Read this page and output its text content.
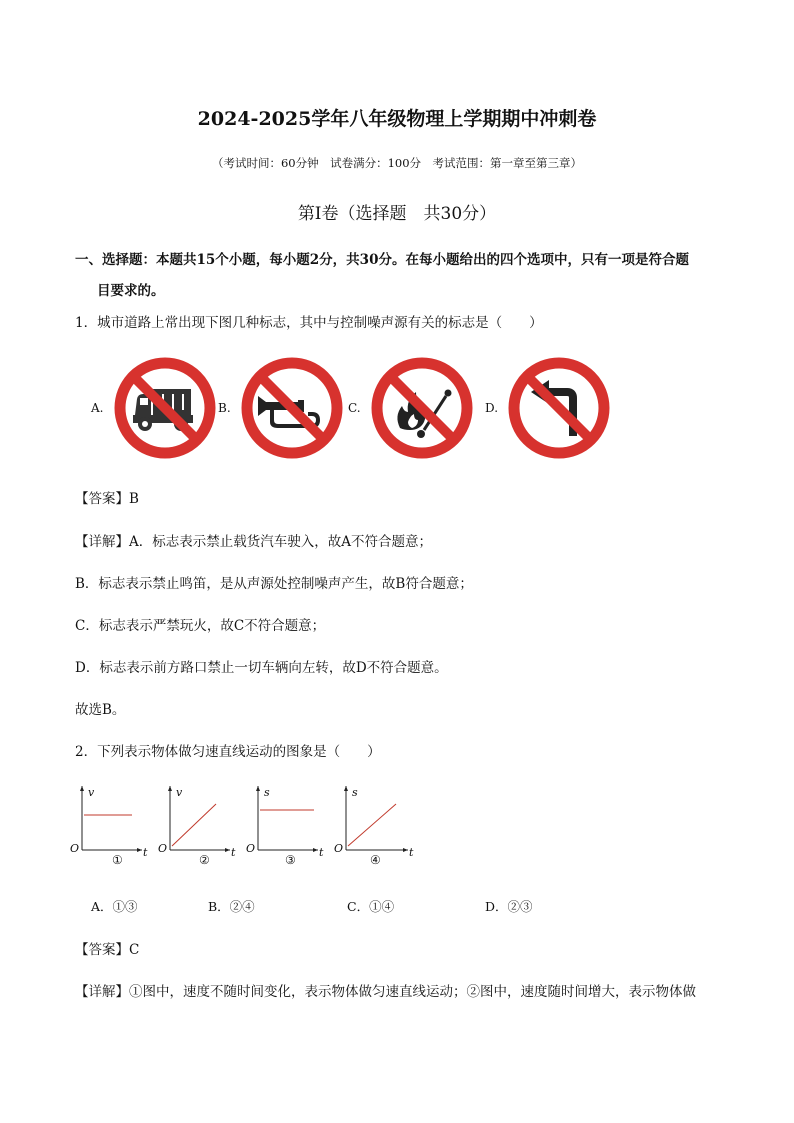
2024-2025学年八年级物理上学期期中冲刺卷
（考试时间：60分钟　试卷满分：100分　考试范围：第一章至第三章）
第Ⅰ卷（选择题　共30分）
一、选择题：本题共15个小题，每小题2分，共30分。在每小题给出的四个选项中，只有一项是符合题
目要求的。
1．城市道路上常出现下图几种标志，其中与控制噪声源有关的标志是（　　）
A.	B.	C.	D.
【答案】B
【详解】A．标志表示禁止载货汽车驶入，故A不符合题意；
B．标志表示禁止鸣笛，是从声源处控制噪声产生，故B符合题意；
C．标志表示严禁玩火，故C不符合题意；
D．标志表示前方路口禁止一切车辆向左转，故D不符合题意。
故选B。
2．下列表示物体做匀速直线运动的图象是（　　）
v
O	t
①
v
O	t
②
s
O	t
③
s
O	t
④
A．①③	B．②④	C．①④	D．②③
【答案】C
【详解】①图中，速度不随时间变化，表示物体做匀速直线运动；②图中，速度随时间增大，表示物体做
